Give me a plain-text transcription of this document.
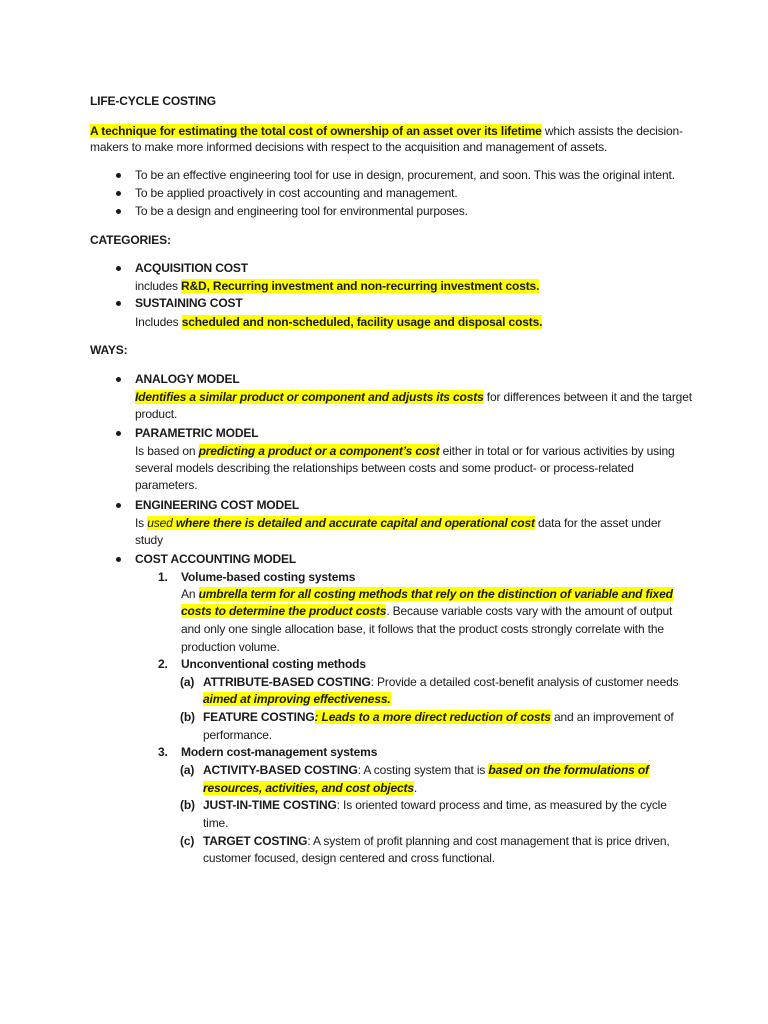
LIFE-CYCLE COSTING
A technique for estimating the total cost of ownership of an asset over its lifetime which assists the decision-
makers to make more informed decisions with respect to the acquisition and management of assets.
To be an effective engineering tool for use in design, procurement, and soon. This was the original intent.
To be applied proactively in cost accounting and management.
To be a design and engineering tool for environmental purposes.
CATEGORIES:
ACQUISITION COST
includes R&D, Recurring investment and non-recurring investment costs.
SUSTAINING COST
Includes scheduled and non-scheduled, facility usage and disposal costs.
WAYS:
ANALOGY MODEL
Identifies a similar product or component and adjusts its costs for differences between it and the target
product.
PARAMETRIC MODEL
Is based on predicting a product or a component’s cost either in total or for various activities by using
several models describing the relationships between costs and some product- or process-related
parameters.
ENGINEERING COST MODEL
Is used where there is detailed and accurate capital and operational cost data for the asset under
study
COST ACCOUNTING MODEL
1. Volume-based costing systems
An umbrella term for all costing methods that rely on the distinction of variable and fixed
costs to determine the product costs. Because variable costs vary with the amount of output
and only one single allocation base, it follows that the product costs strongly correlate with the
production volume.
2. Unconventional costing methods
(a) ATTRIBUTE-BASED COSTING: Provide a detailed cost-benefit analysis of customer needs
aimed at improving effectiveness.
(b) FEATURE COSTING: Leads to a more direct reduction of costs and an improvement of
performance.
3. Modern cost-management systems
(a) ACTIVITY-BASED COSTING: A costing system that is based on the formulations of
resources, activities, and cost objects.
(b) JUST-IN-TIME COSTING: Is oriented toward process and time, as measured by the cycle
time.
(c) TARGET COSTING: A system of profit planning and cost management that is price driven,
customer focused, design centered and cross functional.
